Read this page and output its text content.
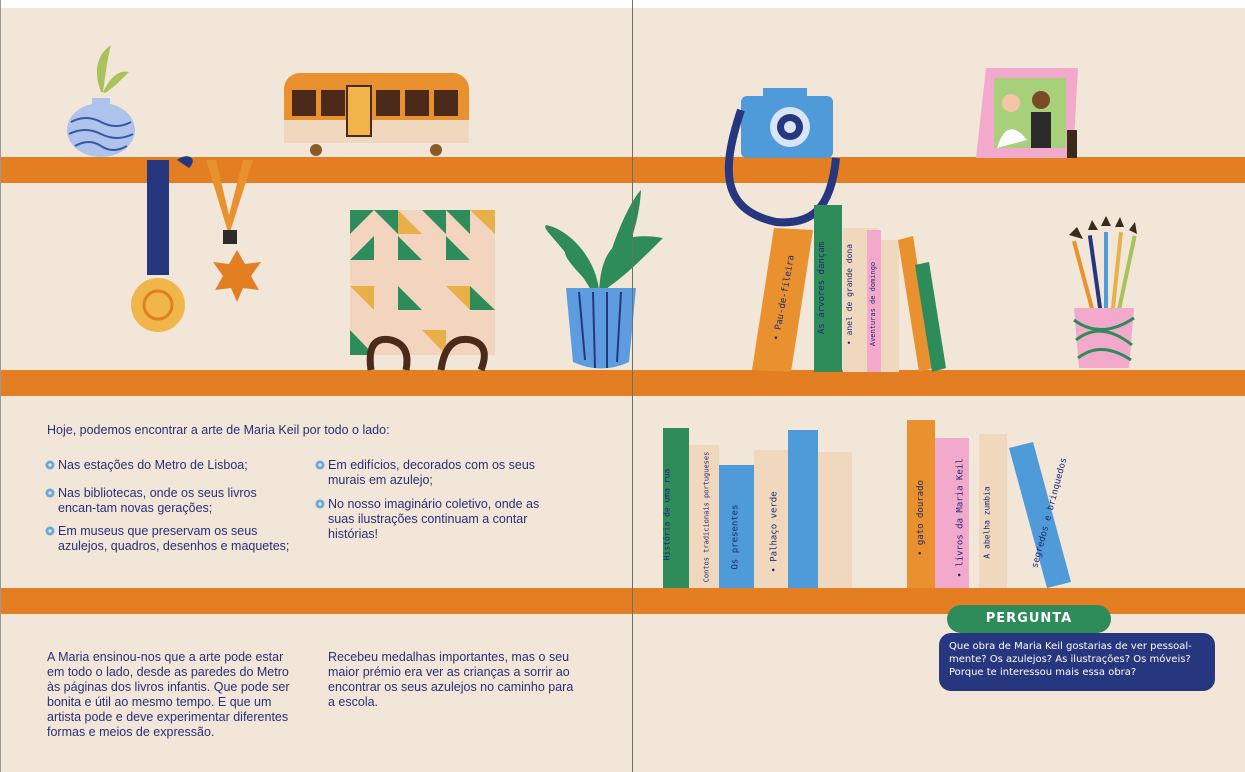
• Pau-de-fileira As árvores dançam • anel de grande dona Aventuras de domingo
História de uma rua	Contos tradicionais portugueses Os presentes	• Palhaço verde	• gato dourado	• livros da Maria Keil A abelha zumbia	segredos e brinquedos
Hoje, podemos encontrar a arte de Maria Keil por todo o lado:
Nas estações do Metro de Lisboa;
Nas bibliotecas, onde os seus livros encan-tam novas gerações;
Em museus que preservam os seus azulejos, quadros, desenhos e maquetes;
Em edifícios, decorados com os seus murais em azulejo;
No nosso imaginário coletivo, onde as suas ilustrações continuam a contar histórias!
A Maria ensinou-nos que a arte pode estar em todo o lado, desde as paredes do Metro às páginas dos livros infantis. Que pode ser bonita e útil ao mesmo tempo. E que um artista pode e deve experimentar diferentes formas e meios de expressão.
Recebeu medalhas importantes, mas o seu maior prémio era ver as crianças a sorrir ao encontrar os seus azulejos no caminho para a escola.
PERGUNTA
Que obra de Maria Keil gostarias de ver pessoal-mente? Os azulejos? As ilustrações? Os móveis? Porque te interessou mais essa obra?
